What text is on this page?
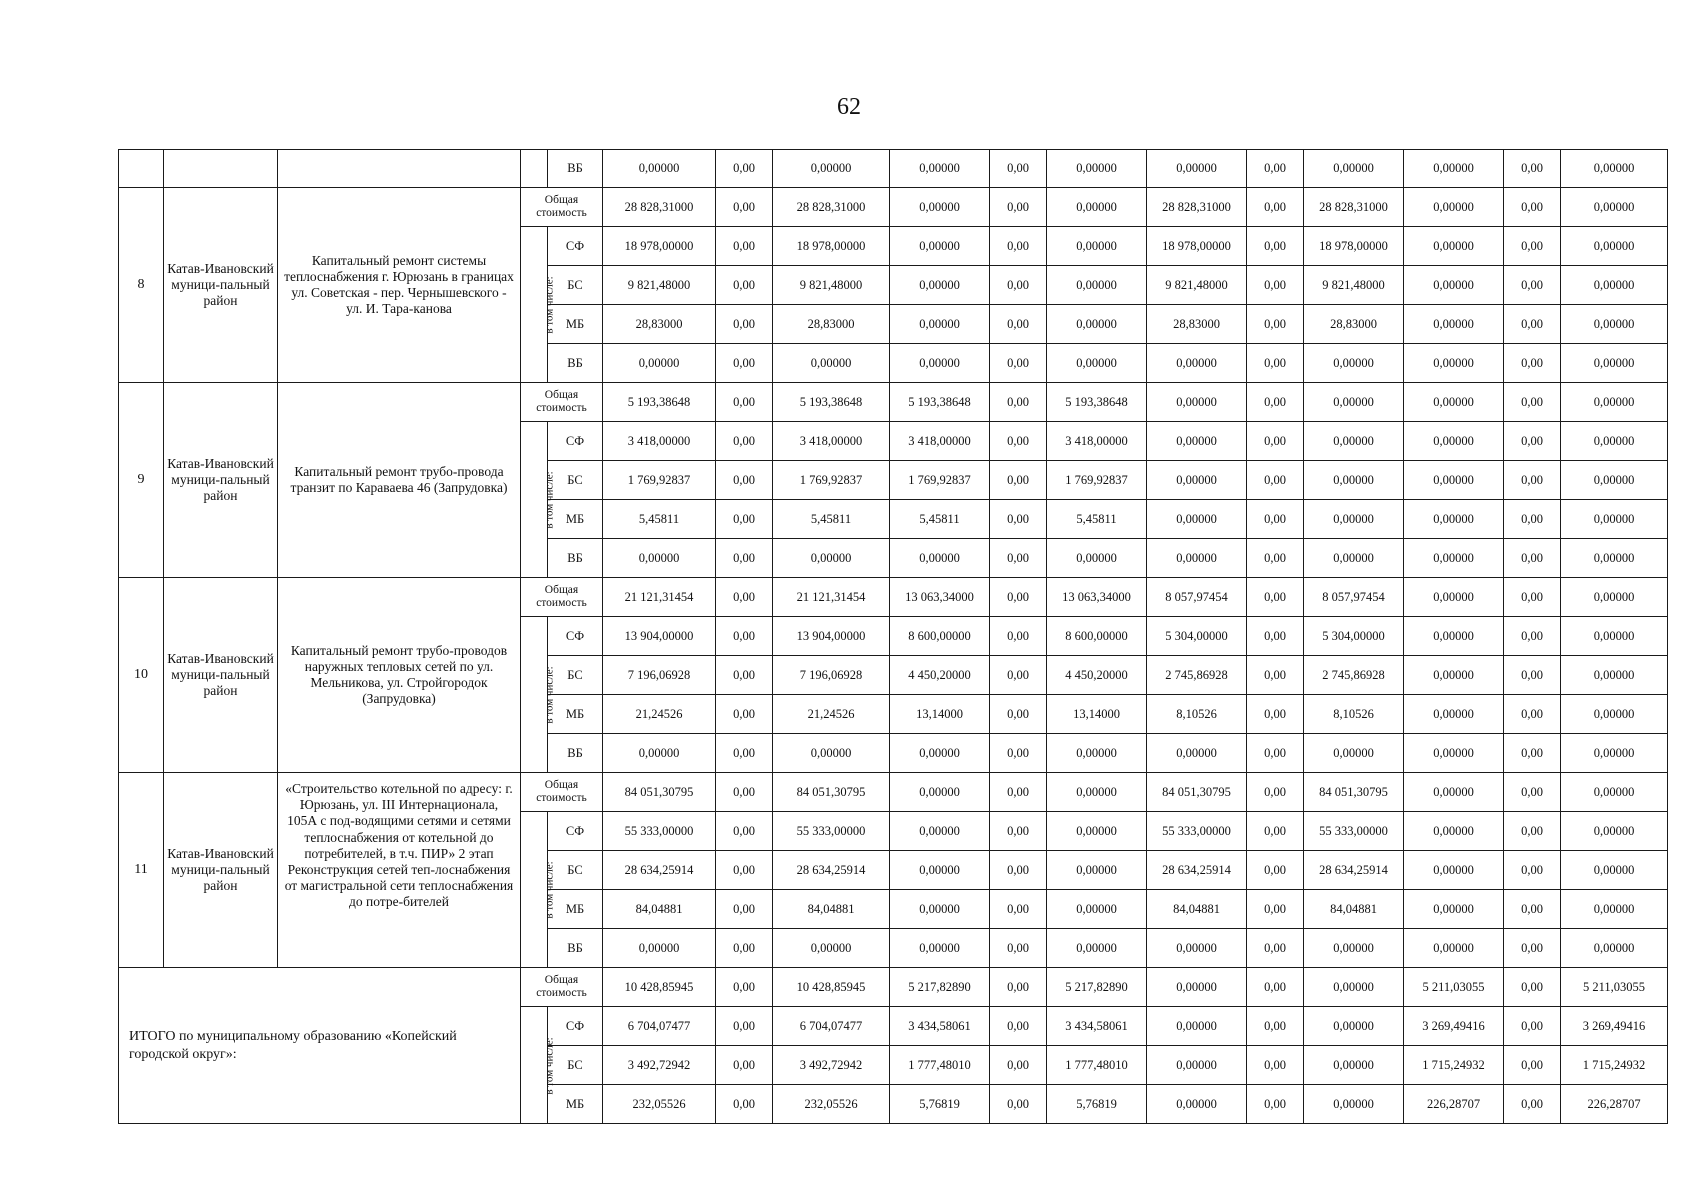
62
				ВБ	0,00000	0,00	0,00000	0,00000	0,00	0,00000	0,00000	0,00	0,00000	0,00000	0,00	0,00000
8	Катав-Ивановский муници-пальный район	Капитальный ремонт системы теплоснабжения г. Юрюзань в границах ул. Советская - пер. Чернышевского - ул. И. Тара-канова	Общая стоимость		28 828,31000	0,00	28 828,31000	0,00000	0,00	0,00000	28 828,31000	0,00	28 828,31000	0,00000	0,00	0,00000
			в том числе:	СФ	18 978,00000	0,00	18 978,00000	0,00000	0,00	0,00000	18 978,00000	0,00	18 978,00000	0,00000	0,00	0,00000
				БС	9 821,48000	0,00	9 821,48000	0,00000	0,00	0,00000	9 821,48000	0,00	9 821,48000	0,00000	0,00	0,00000
				МБ	28,83000	0,00	28,83000	0,00000	0,00	0,00000	28,83000	0,00	28,83000	0,00000	0,00	0,00000
				ВБ	0,00000	0,00	0,00000	0,00000	0,00	0,00000	0,00000	0,00	0,00000	0,00000	0,00	0,00000
9	Катав-Ивановский муници-пальный район	Капитальный ремонт трубо-провода транзит по Караваева 46 (Запрудовка)	Общая стоимость		5 193,38648	0,00	5 193,38648	5 193,38648	0,00	5 193,38648	0,00000	0,00	0,00000	0,00000	0,00	0,00000
			в том числе:	СФ	3 418,00000	0,00	3 418,00000	3 418,00000	0,00	3 418,00000	0,00000	0,00	0,00000	0,00000	0,00	0,00000
				БС	1 769,92837	0,00	1 769,92837	1 769,92837	0,00	1 769,92837	0,00000	0,00	0,00000	0,00000	0,00	0,00000
				МБ	5,45811	0,00	5,45811	5,45811	0,00	5,45811	0,00000	0,00	0,00000	0,00000	0,00	0,00000
				ВБ	0,00000	0,00	0,00000	0,00000	0,00	0,00000	0,00000	0,00	0,00000	0,00000	0,00	0,00000
10	Катав-Ивановский муници-пальный район	Капитальный ремонт трубо-проводов наружных тепловых сетей по ул. Мельникова, ул. Стройгородок (Запрудовка)	Общая стоимость		21 121,31454	0,00	21 121,31454	13 063,34000	0,00	13 063,34000	8 057,97454	0,00	8 057,97454	0,00000	0,00	0,00000
			в том числе:	СФ	13 904,00000	0,00	13 904,00000	8 600,00000	0,00	8 600,00000	5 304,00000	0,00	5 304,00000	0,00000	0,00	0,00000
				БС	7 196,06928	0,00	7 196,06928	4 450,20000	0,00	4 450,20000	2 745,86928	0,00	2 745,86928	0,00000	0,00	0,00000
				МБ	21,24526	0,00	21,24526	13,14000	0,00	13,14000	8,10526	0,00	8,10526	0,00000	0,00	0,00000
				ВБ	0,00000	0,00	0,00000	0,00000	0,00	0,00000	0,00000	0,00	0,00000	0,00000	0,00	0,00000
11	Катав-Ивановский муници-пальный район	«Строительство котельной по адресу: г. Юрюзань, ул. III Интернационала, 105А с под-водящими сетями и сетями теплоснабжения от котельной до потребителей, в т.ч. ПИР» 2 этап Реконструкция сетей теп-лоснабжения от магистральной сети теплоснабжения до потре-бителей	Общая стоимость		84 051,30795	0,00	84 051,30795	0,00000	0,00	0,00000	84 051,30795	0,00	84 051,30795	0,00000	0,00	0,00000
			в том числе:	СФ	55 333,00000	0,00	55 333,00000	0,00000	0,00	0,00000	55 333,00000	0,00	55 333,00000	0,00000	0,00	0,00000
				БС	28 634,25914	0,00	28 634,25914	0,00000	0,00	0,00000	28 634,25914	0,00	28 634,25914	0,00000	0,00	0,00000
				МБ	84,04881	0,00	84,04881	0,00000	0,00	0,00000	84,04881	0,00	84,04881	0,00000	0,00	0,00000
				ВБ	0,00000	0,00	0,00000	0,00000	0,00	0,00000	0,00000	0,00	0,00000	0,00000	0,00	0,00000
ИТОГО по муниципальному образованию «Копейский городской округ»:			Общая стоимость		10 428,85945	0,00	10 428,85945	5 217,82890	0,00	5 217,82890	0,00000	0,00	0,00000	5 211,03055	0,00	5 211,03055
			в том числе:	СФ	6 704,07477	0,00	6 704,07477	3 434,58061	0,00	3 434,58061	0,00000	0,00	0,00000	3 269,49416	0,00	3 269,49416
				БС	3 492,72942	0,00	3 492,72942	1 777,48010	0,00	1 777,48010	0,00000	0,00	0,00000	1 715,24932	0,00	1 715,24932
				МБ	232,05526	0,00	232,05526	5,76819	0,00	5,76819	0,00000	0,00	0,00000	226,28707	0,00	226,28707
